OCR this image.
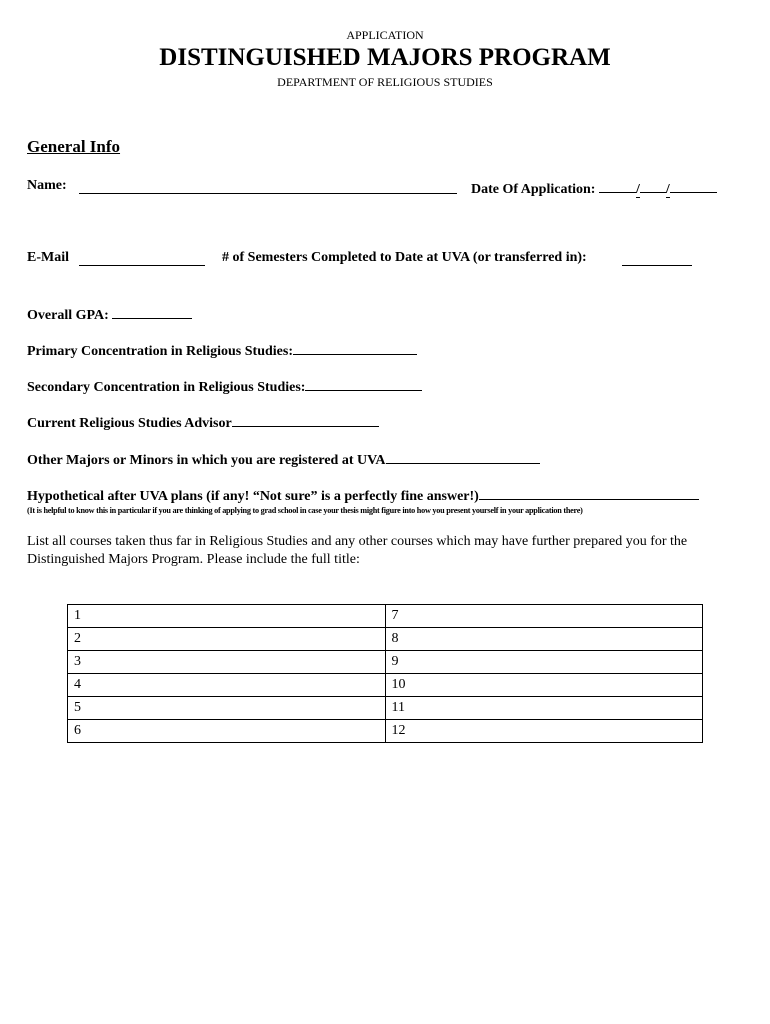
APPLICATION
DISTINGUISHED MAJORS PROGRAM
DEPARTMENT OF RELIGIOUS STUDIES
General Info
Name:	Date Of Application:	/ /
E-Mail	# of Semesters Completed to Date at UVA (or transferred in):
Overall GPA:
Primary Concentration in Religious Studies:
Secondary Concentration in Religious Studies:
Current Religious Studies Advisor
Other Majors or Minors in which you are registered at UVA
Hypothetical after UVA plans (if any! “Not sure” is a perfectly fine answer!)
(It is helpful to know this in particular if you are thinking of applying to grad school in case your thesis might figure into how you present yourself in your application there)
List all courses taken thus far in Religious Studies and any other courses which may have further prepared you for the
Distinguished Majors Program. Please include the full title:
1	7
2	8
3	9
4	10
5	11
6	12
